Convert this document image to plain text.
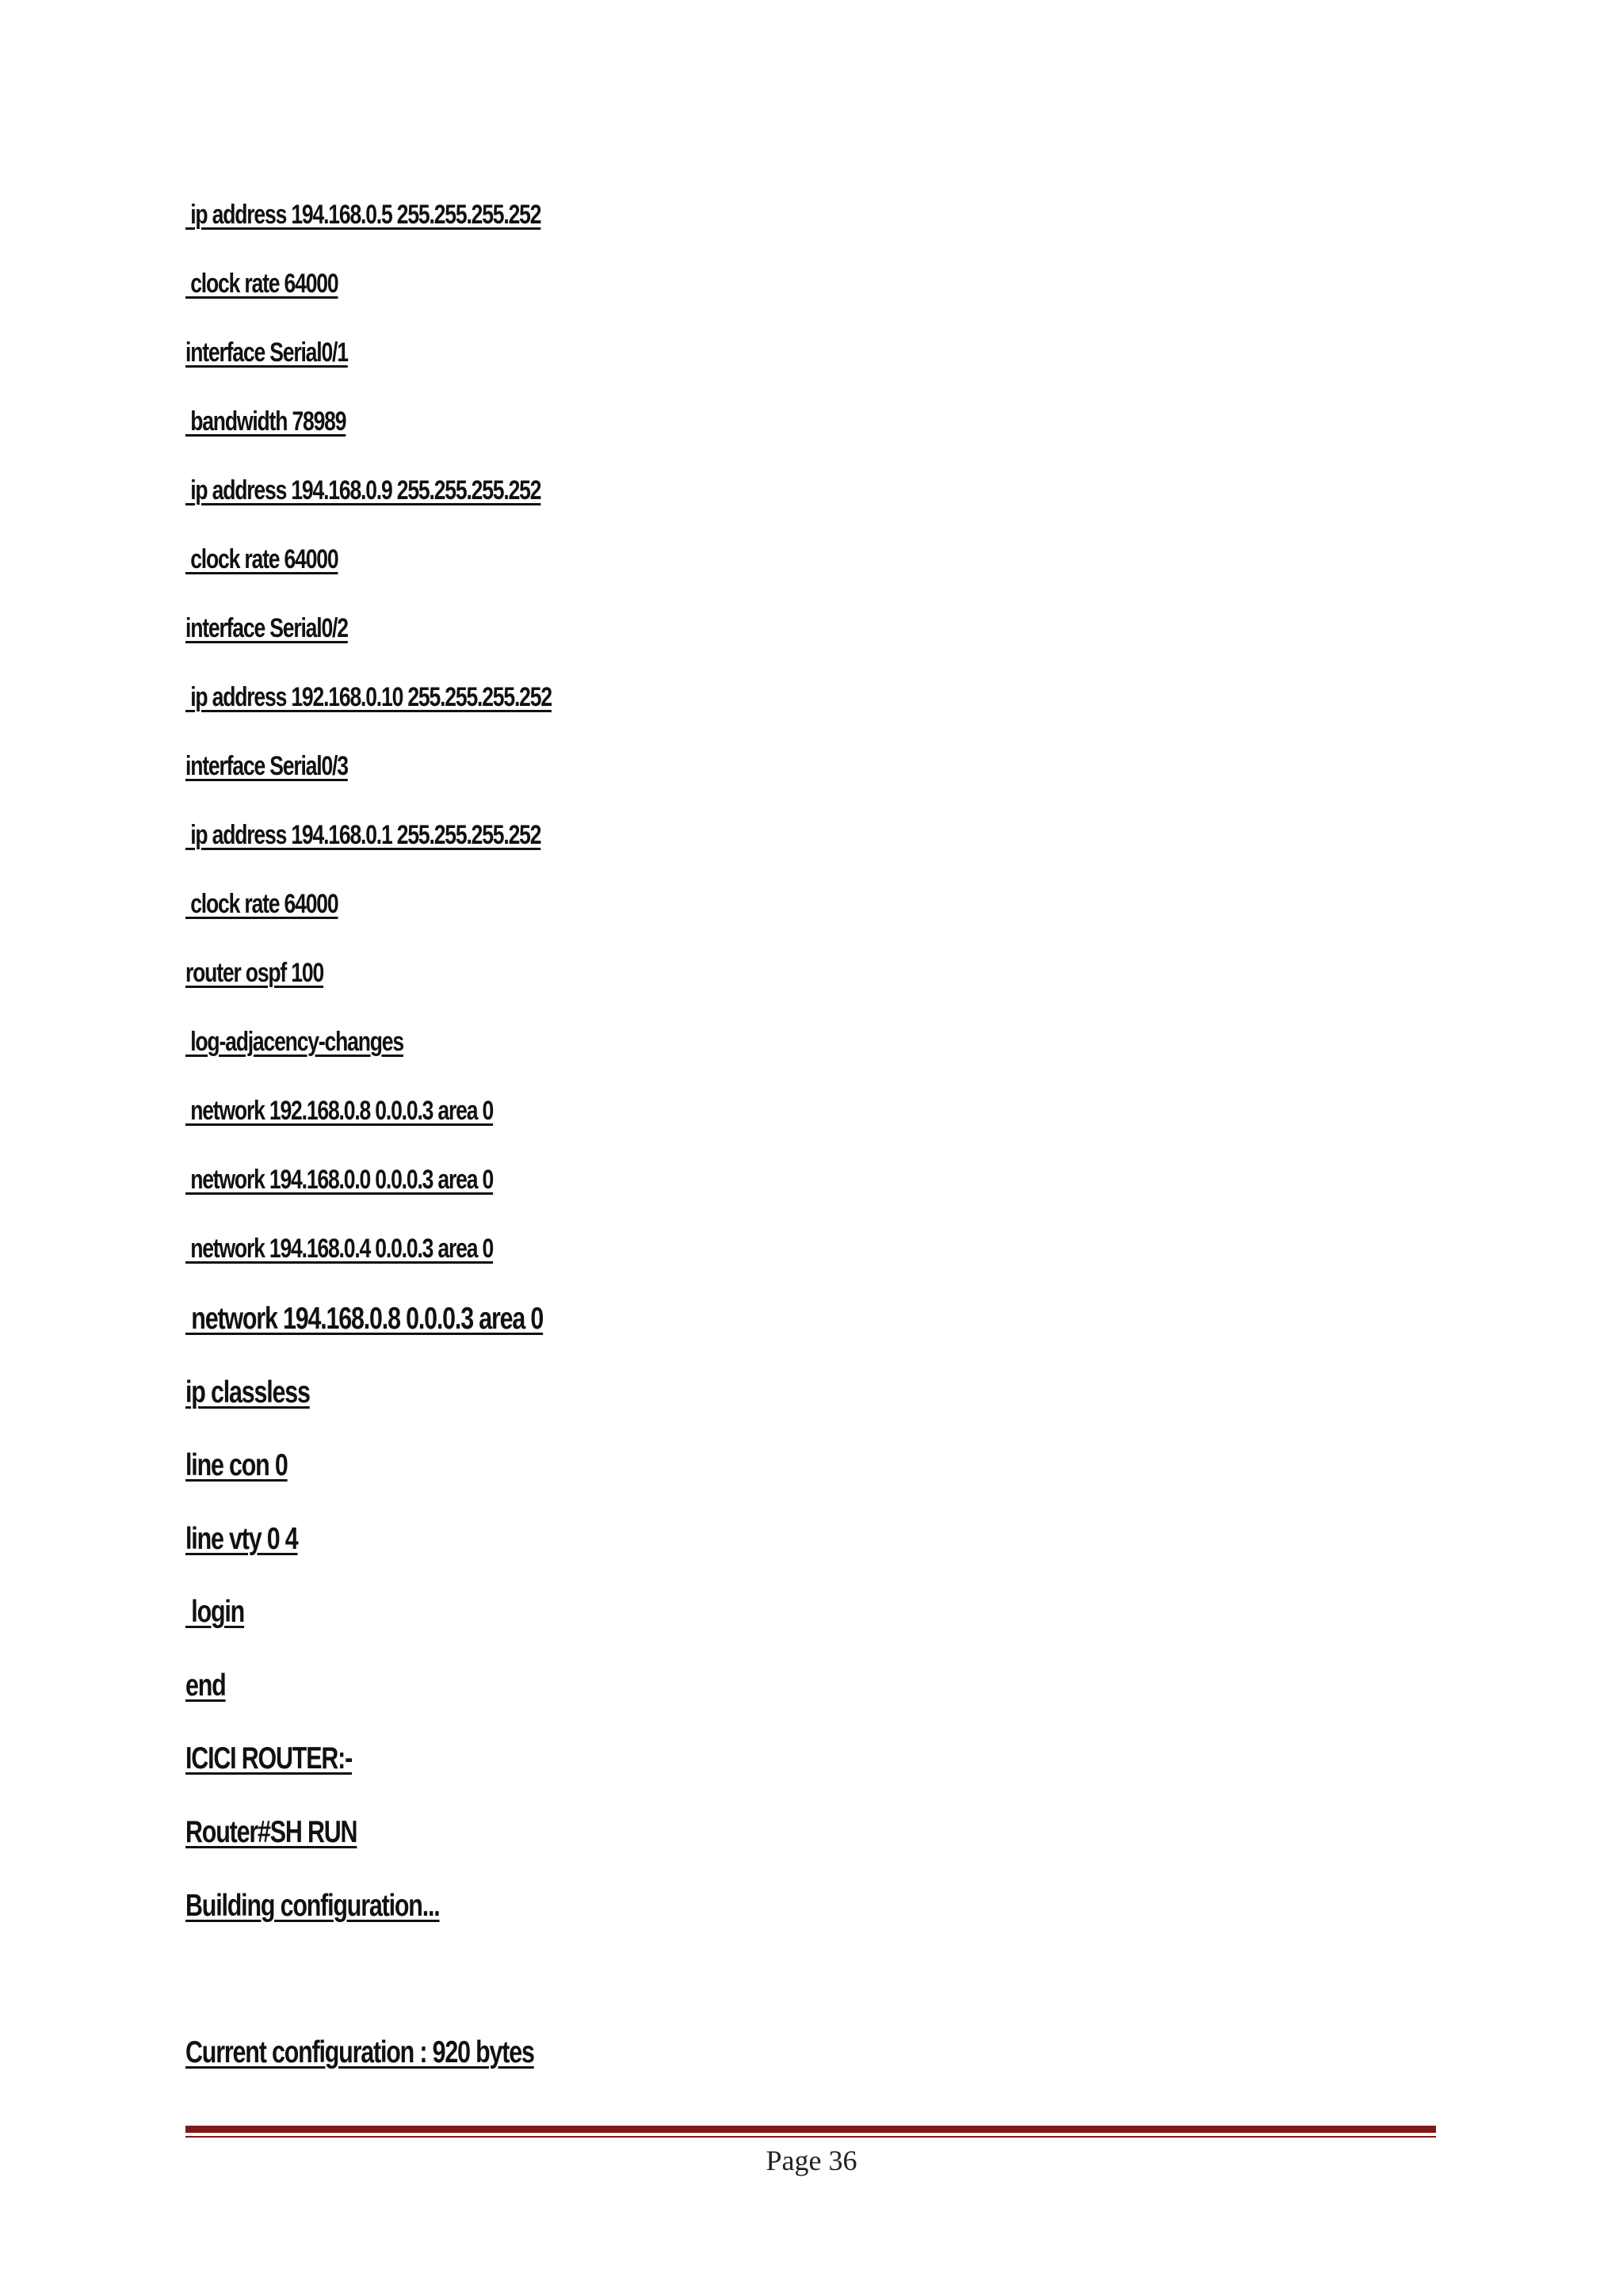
ip address 194.168.0.5 255.255.255.252
clock rate 64000
interface Serial0/1
bandwidth 78989
ip address 194.168.0.9 255.255.255.252
clock rate 64000
interface Serial0/2
ip address 192.168.0.10 255.255.255.252
interface Serial0/3
ip address 194.168.0.1 255.255.255.252
clock rate 64000
router ospf 100
log-adjacency-changes
network 192.168.0.8 0.0.0.3 area 0
network 194.168.0.0 0.0.0.3 area 0
network 194.168.0.4 0.0.0.3 area 0
network 194.168.0.8 0.0.0.3 area 0
ip classless
line con 0
line vty 0 4
login
end
ICICI ROUTER:-
Router#SH RUN
Building configuration...
Current configuration : 920 bytes
Page 36
